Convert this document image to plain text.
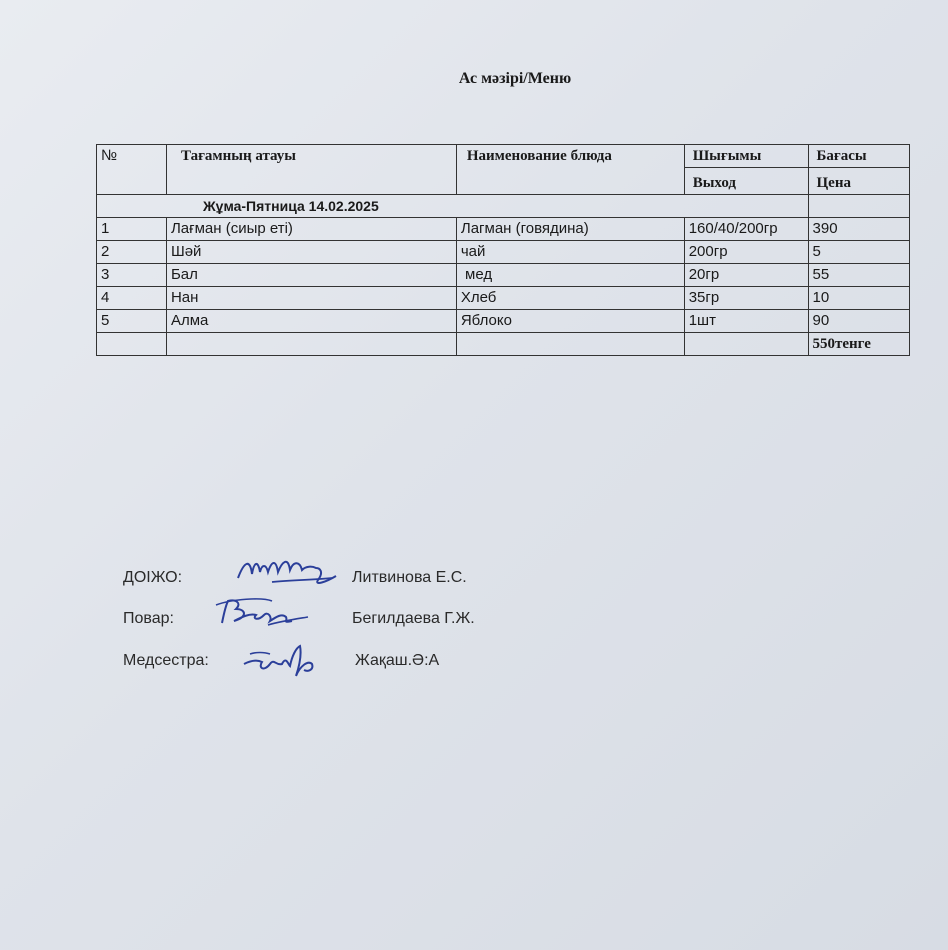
Ас мәзірі/Меню
№	Тағамның атауы	Наименование блюда	Шығымы	Бағасы
			Выход	Цена
Жұма-Пятница 14.02.2025				
1	Лағман (сиыр еті)	Лагман (говядина)	160/40/200гр	390
2	Шәй	чай	200гр	5
3	Бал	мед	20гр	55
4	Нан	Хлеб	35гр	10
5	Алма	Яблоко	1шт	90
				550тенге
ДОІЖО:	Литвинова Е.С.
Повар:	Бегилдаева Г.Ж.
Медсестра:	Жақаш.Ә:А
